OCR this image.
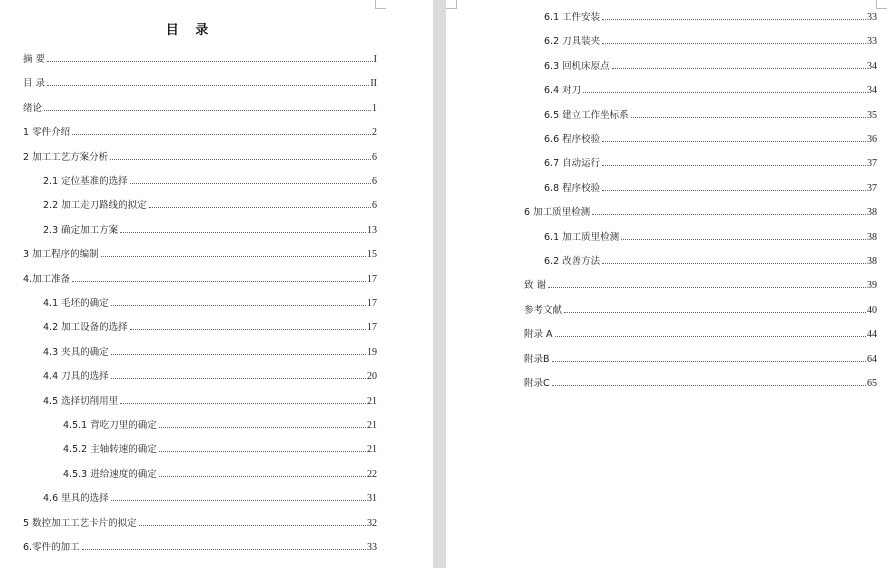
目 录
摘 要	I
目 录	II
绪论	1
1 零件介绍	2
2 加工工艺方案分析	6
2.1 定位基准的选择	6
2.2 加工走刀路线的拟定	6
2.3 确定加工方案	13
3 加工程序的编制	15
4.加工准备	17
4.1 毛坯的确定	17
4.2 加工设备的选择	17
4.3 夹具的确定	19
4.4 刀具的选择	20
4.5 选择切削用里	21
4.5.1 背吃刀里的确定	21
4.5.2 主轴转速的确定	21
4.5.3 进给速度的确定	22
4.6 里具的选择	31
5 数控加工工艺卡片的拟定	32
6.零件的加工	33
6.1 工件安装	33
6.2 刀具装夹	33
6.3 回机床原点	34
6.4 对刀	34
6.5 建立工作坐标系	35
6.6 程序校验	36
6.7 自动运行	37
6.8 程序校验	37
6 加工质里检测	38
6.1 加工质里检测	38
6.2 改善方法	38
致 谢	39
参考文献	40
附录 A	44
附录B	64
附录C	65
